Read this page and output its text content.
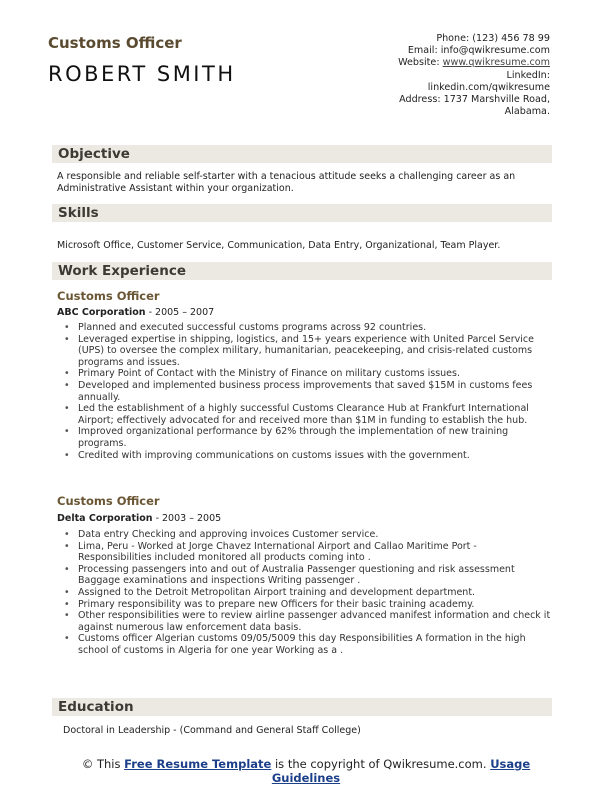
Customs Officer
ROBERT SMITH
Phone: (123) 456 78 99
Email: info@qwikresume.com
Website: www.qwikresume.com
LinkedIn:
linkedin.com/qwikresume
Address: 1737 Marshville Road,
Alabama.
Objective
A responsible and reliable self-starter with a tenacious attitude seeks a challenging career as an Administrative Assistant within your organization.
Skills
Microsoft Office, Customer Service, Communication, Data Entry, Organizational, Team Player.
Work Experience
Customs Officer
ABC Corporation - 2005 – 2007
• Planned and executed successful customs programs across 92 countries.
• Leveraged expertise in shipping, logistics, and 15+ years experience with United Parcel Service (UPS) to oversee the complex military, humanitarian, peacekeeping, and crisis-related customs programs and issues.
• Primary Point of Contact with the Ministry of Finance on military customs issues.
• Developed and implemented business process improvements that saved $15M in customs fees annually.
• Led the establishment of a highly successful Customs Clearance Hub at Frankfurt International Airport; effectively advocated for and received more than $1M in funding to establish the hub.
• Improved organizational performance by 62% through the implementation of new training programs.
• Credited with improving communications on customs issues with the government.
Customs Officer
Delta Corporation - 2003 – 2005
• Data entry Checking and approving invoices Customer service.
• Lima, Peru - Worked at Jorge Chavez International Airport and Callao Maritime Port - Responsibilities included monitored all products coming into .
• Processing passengers into and out of Australia Passenger questioning and risk assessment Baggage examinations and inspections Writing passenger .
• Assigned to the Detroit Metropolitan Airport training and development department.
• Primary responsibility was to prepare new Officers for their basic training academy.
• Other responsibilities were to review airline passenger advanced manifest information and check it against numerous law enforcement data basis.
• Customs officer Algerian customs 09/05/5009 this day Responsibilities A formation in the high school of customs in Algeria for one year Working as a .
Education
Doctoral in Leadership - (Command and General Staff College)
© This Free Resume Template is the copyright of Qwikresume.com. Usage Guidelines
